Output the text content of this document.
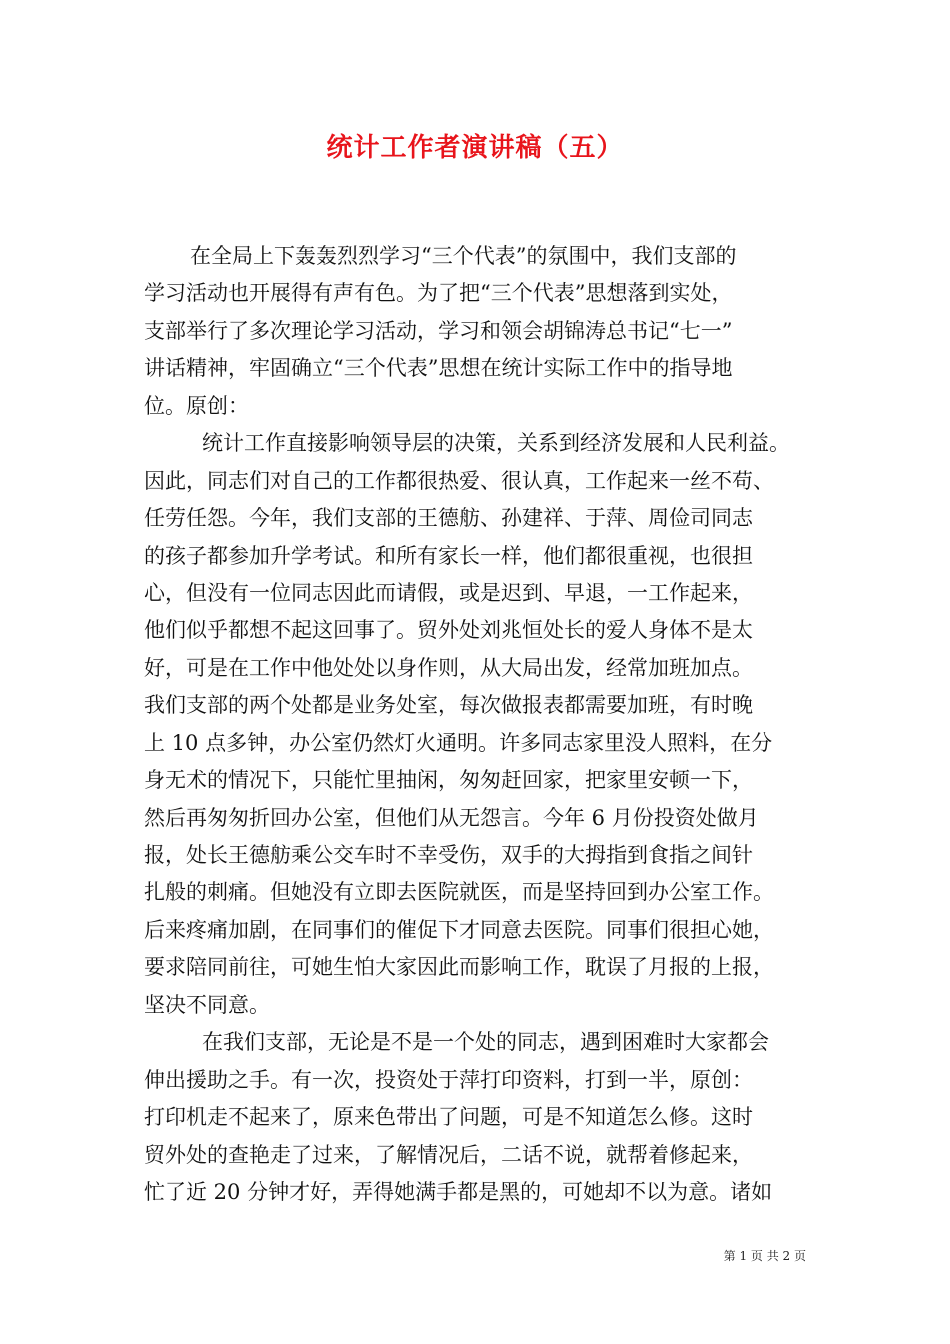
统计工作者演讲稿（五）
在全局上下轰轰烈烈学习“三个代表”的氛围中，我们支部的
学习活动也开展得有声有色。为了把“三个代表”思想落到实处，
支部举行了多次理论学习活动，学习和领会胡锦涛总书记“七一”
讲话精神，牢固确立“三个代表”思想在统计实际工作中的指导地
位。原创：
统计工作直接影响领导层的决策，关系到经济发展和人民利益。
因此，同志们对自己的工作都很热爱、很认真，工作起来一丝不苟、
任劳任怨。今年，我们支部的王德舫、孙建祥、于萍、周俭司同志
的孩子都参加升学考试。和所有家长一样，他们都很重视，也很担
心，但没有一位同志因此而请假，或是迟到、早退，一工作起来，
他们似乎都想不起这回事了。贸外处刘兆恒处长的爱人身体不是太
好，可是在工作中他处处以身作则，从大局出发，经常加班加点。
我们支部的两个处都是业务处室，每次做报表都需要加班，有时晚
上 10 点多钟，办公室仍然灯火通明。许多同志家里没人照料，在分
身无术的情况下，只能忙里抽闲，匆匆赶回家，把家里安顿一下，
然后再匆匆折回办公室，但他们从无怨言。今年 6 月份投资处做月
报，处长王德舫乘公交车时不幸受伤，双手的大拇指到食指之间针
扎般的刺痛。但她没有立即去医院就医，而是坚持回到办公室工作。
后来疼痛加剧，在同事们的催促下才同意去医院。同事们很担心她，
要求陪同前往，可她生怕大家因此而影响工作，耽误了月报的上报，
坚决不同意。
在我们支部，无论是不是一个处的同志，遇到困难时大家都会
伸出援助之手。有一次，投资处于萍打印资料，打到一半，原创：
打印机走不起来了，原来色带出了问题，可是不知道怎么修。这时
贸外处的查艳走了过来，了解情况后，二话不说，就帮着修起来，
忙了近 20 分钟才好，弄得她满手都是黑的，可她却不以为意。诸如
第 1 页 共 2 页
